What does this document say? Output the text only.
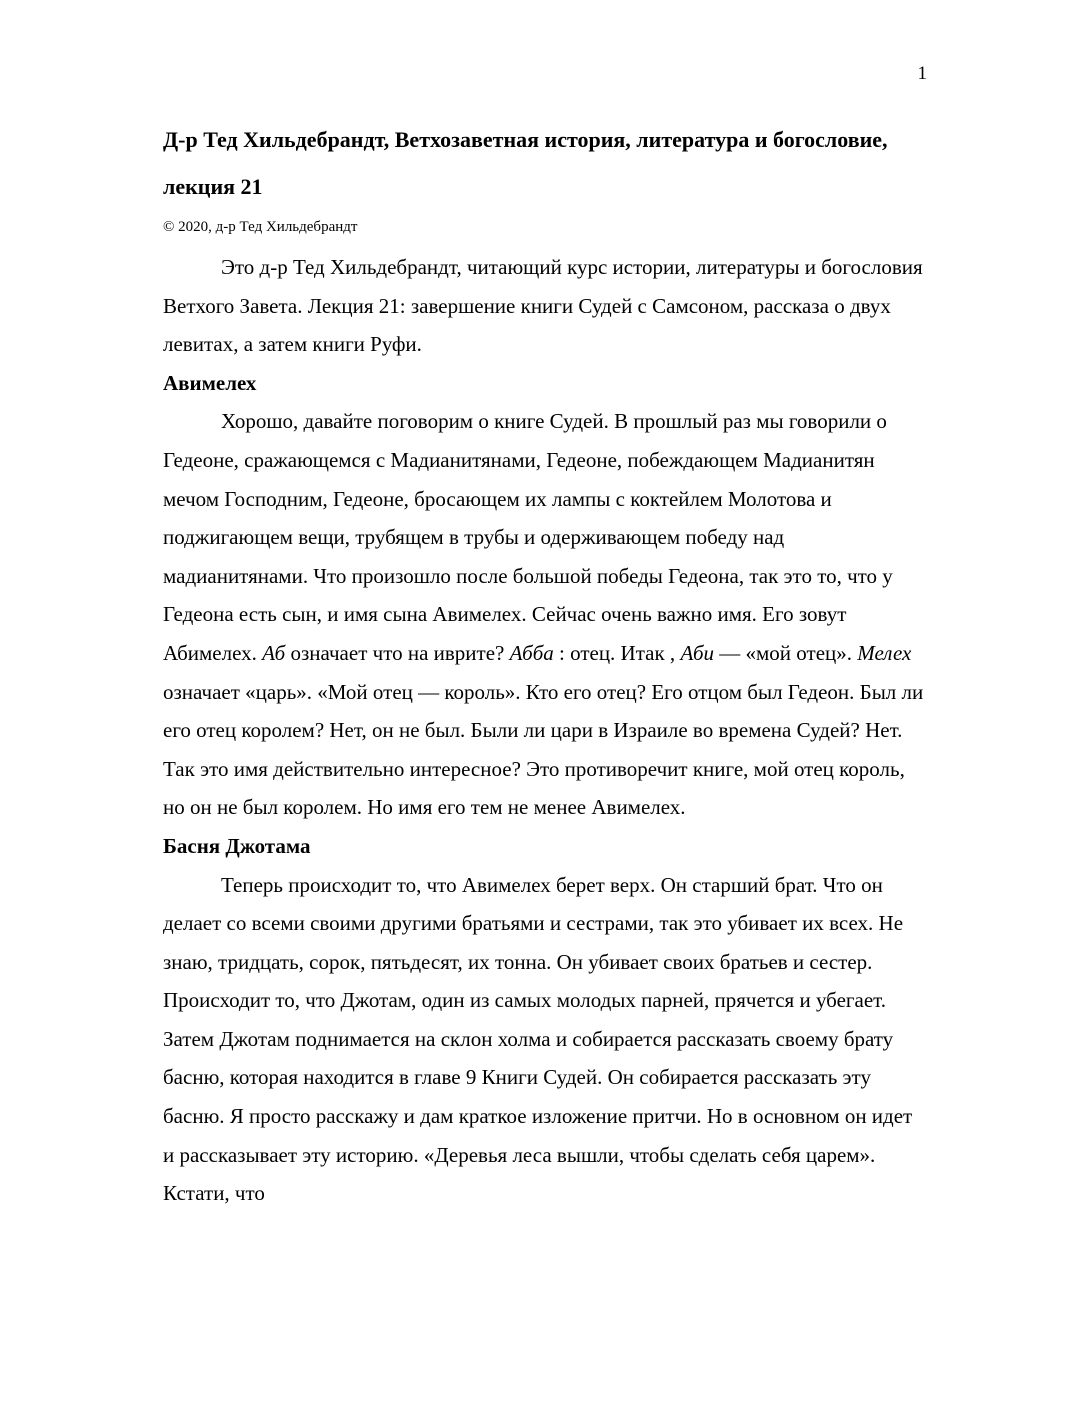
1
Д-р Тед Хильдебрандт, Ветхозаветная история, литература и богословие, лекция 21
© 2020, д-р Тед Хильдебрандт

Это д-р Тед Хильдебрандт, читающий курс истории, литературы и богословия Ветхого Завета. Лекция 21: завершение книги Судей с Самсоном, рассказа о двух левитах, а затем книги Руфи.

Авимелех

Хорошо, давайте поговорим о книге Судей. В прошлый раз мы говорили о Гедеоне, сражающемся с Мадианитянами, Гедеоне, побеждающем Мадианитян мечом Господним, Гедеоне, бросающем их лампы с коктейлем Молотова и поджигающем вещи, трубящем в трубы и одерживающем победу над мадианитянами. Что произошло после большой победы Гедеона, так это то, что у Гедеона есть сын, и имя сына Авимелех. Сейчас очень важно имя. Его зовут Абимелех. Аб означает что на иврите? Абба : отец. Итак , Аби — «мой отец». Мелех означает «царь». «Мой отец — король». Кто его отец? Его отцом был Гедеон. Был ли его отец королем? Нет, он не был. Были ли цари в Израиле во времена Судей? Нет. Так это имя действительно интересное? Это противоречит книге, мой отец король, но он не был королем. Но имя его тем не менее Авимелех.

Басня Джотама

Теперь происходит то, что Авимелех берет верх. Он старший брат. Что он делает со всеми своими другими братьями и сестрами, так это убивает их всех. Не знаю, тридцать, сорок, пятьдесят, их тонна. Он убивает своих братьев и сестер. Происходит то, что Джотам, один из самых молодых парней, прячется и убегает. Затем Джотам поднимается на склон холма и собирается рассказать своему брату басню, которая находится в главе 9 Книги Судей. Он собирается рассказать эту басню. Я просто расскажу и дам краткое изложение притчи. Но в основном он идет и рассказывает эту историю. «Деревья леса вышли, чтобы сделать себя царем». Кстати, что
